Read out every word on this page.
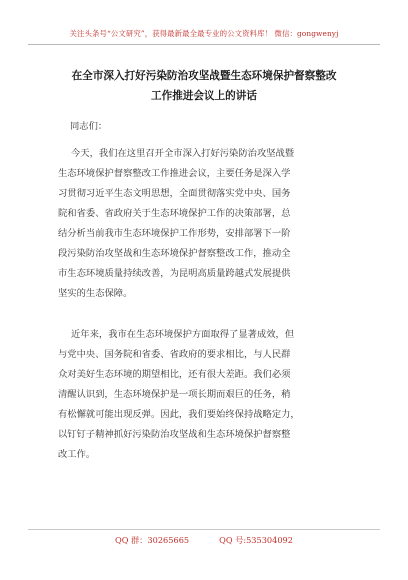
关注头条号“公文研究”，获得最新最全最专业的公文资料库！ 微信：gongwenyj
在全市深入打好污染防治攻坚战暨生态环境保护督察整改
工作推进会议上的讲话
同志们：
今天，我们在这里召开全市深入打好污染防治攻坚战暨
生态环境保护督察整改工作推进会议，主要任务是深入学
习贯彻习近平生态文明思想，全面贯彻落实党中央、国务
院和省委、省政府关于生态环境保护工作的决策部署，总
结分析当前我市生态环境保护工作形势，安排部署下一阶
段污染防治攻坚战和生态环境保护督察整改工作，推动全
市生态环境质量持续改善，为昆明高质量跨越式发展提供
坚实的生态保障。
近年来，我市在生态环境保护方面取得了显著成效，但
与党中央、国务院和省委、省政府的要求相比，与人民群
众对美好生态环境的期望相比，还有很大差距。我们必须
清醒认识到，生态环境保护是一项长期而艰巨的任务，稍
有松懈就可能出现反弹。因此，我们要始终保持战略定力，
以钉钉子精神抓好污染防治攻坚战和生态环境保护督察整
改工作。
QQ 群：30265665	QQ 号:535304092
